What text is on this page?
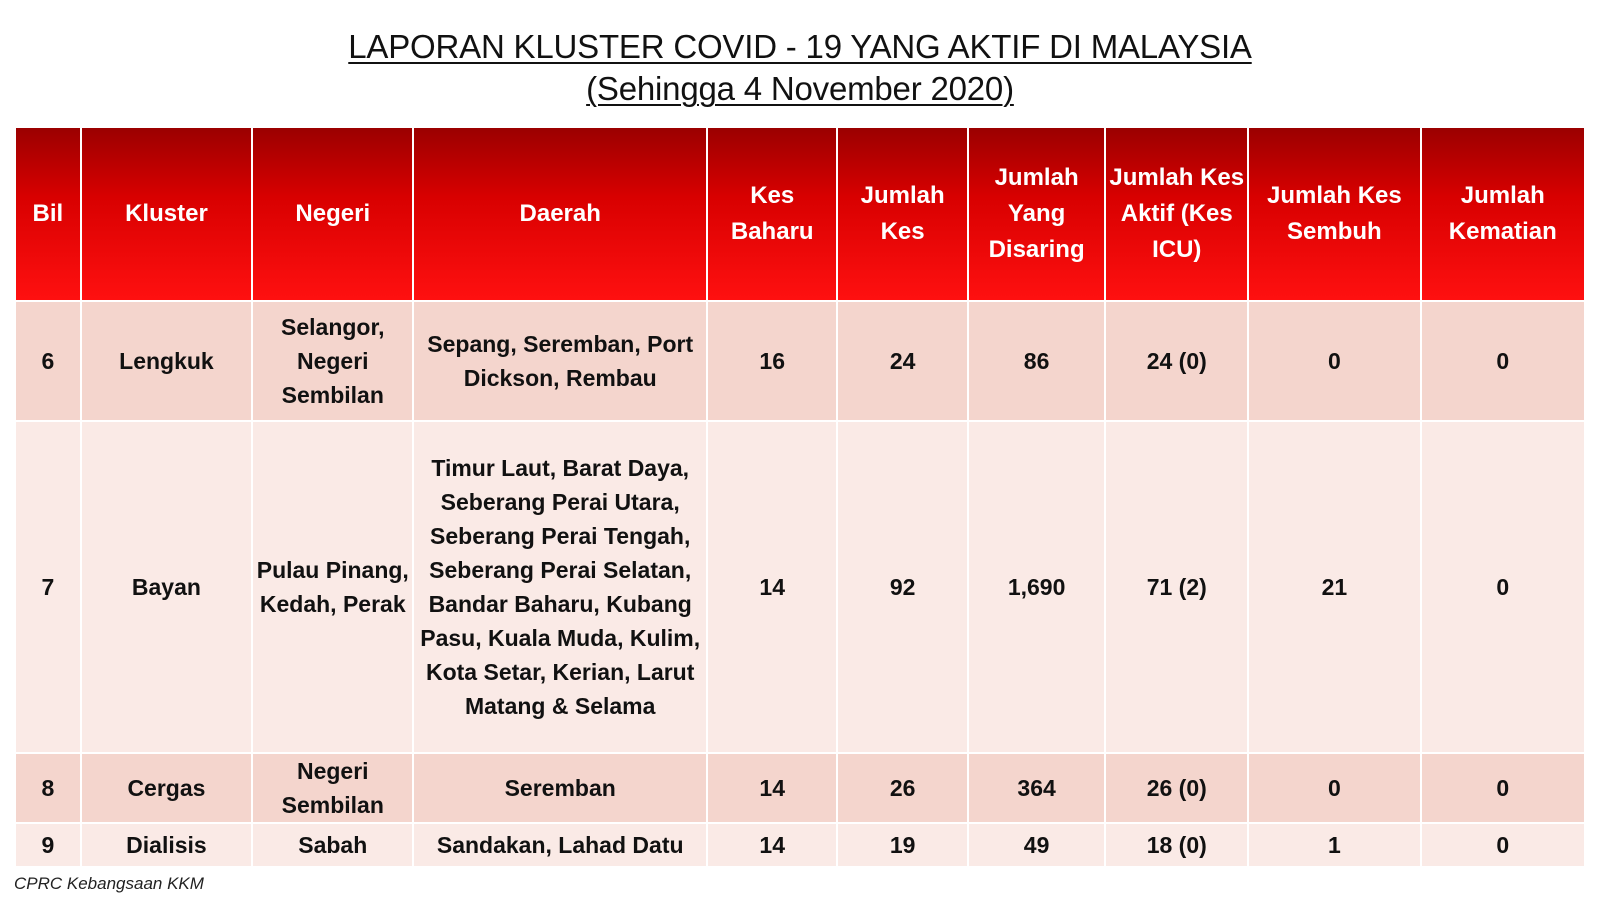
LAPORAN KLUSTER COVID - 19 YANG AKTIF DI MALAYSIA
(Sehingga 4 November 2020)
Bil	Kluster	Negeri	Daerah	Kes Baharu	Jumlah Kes	Jumlah Yang Disaring	Jumlah Kes Aktif (Kes ICU)	Jumlah Kes Sembuh	Jumlah Kematian
6	Lengkuk	Selangor, Negeri Sembilan	Sepang, Seremban, Port Dickson, Rembau	16	24	86	24 (0)	0	0
7	Bayan	Pulau Pinang, Kedah, Perak	Timur Laut, Barat Daya, Seberang Perai Utara, Seberang Perai Tengah, Seberang Perai Selatan, Bandar Baharu, Kubang Pasu, Kuala Muda, Kulim, Kota Setar, Kerian, Larut Matang & Selama	14	92	1,690	71 (2)	21	0
8	Cergas	Negeri Sembilan	Seremban	14	26	364	26 (0)	0	0
9	Dialisis	Sabah	Sandakan, Lahad Datu	14	19	49	18 (0)	1	0
CPRC Kebangsaan KKM
